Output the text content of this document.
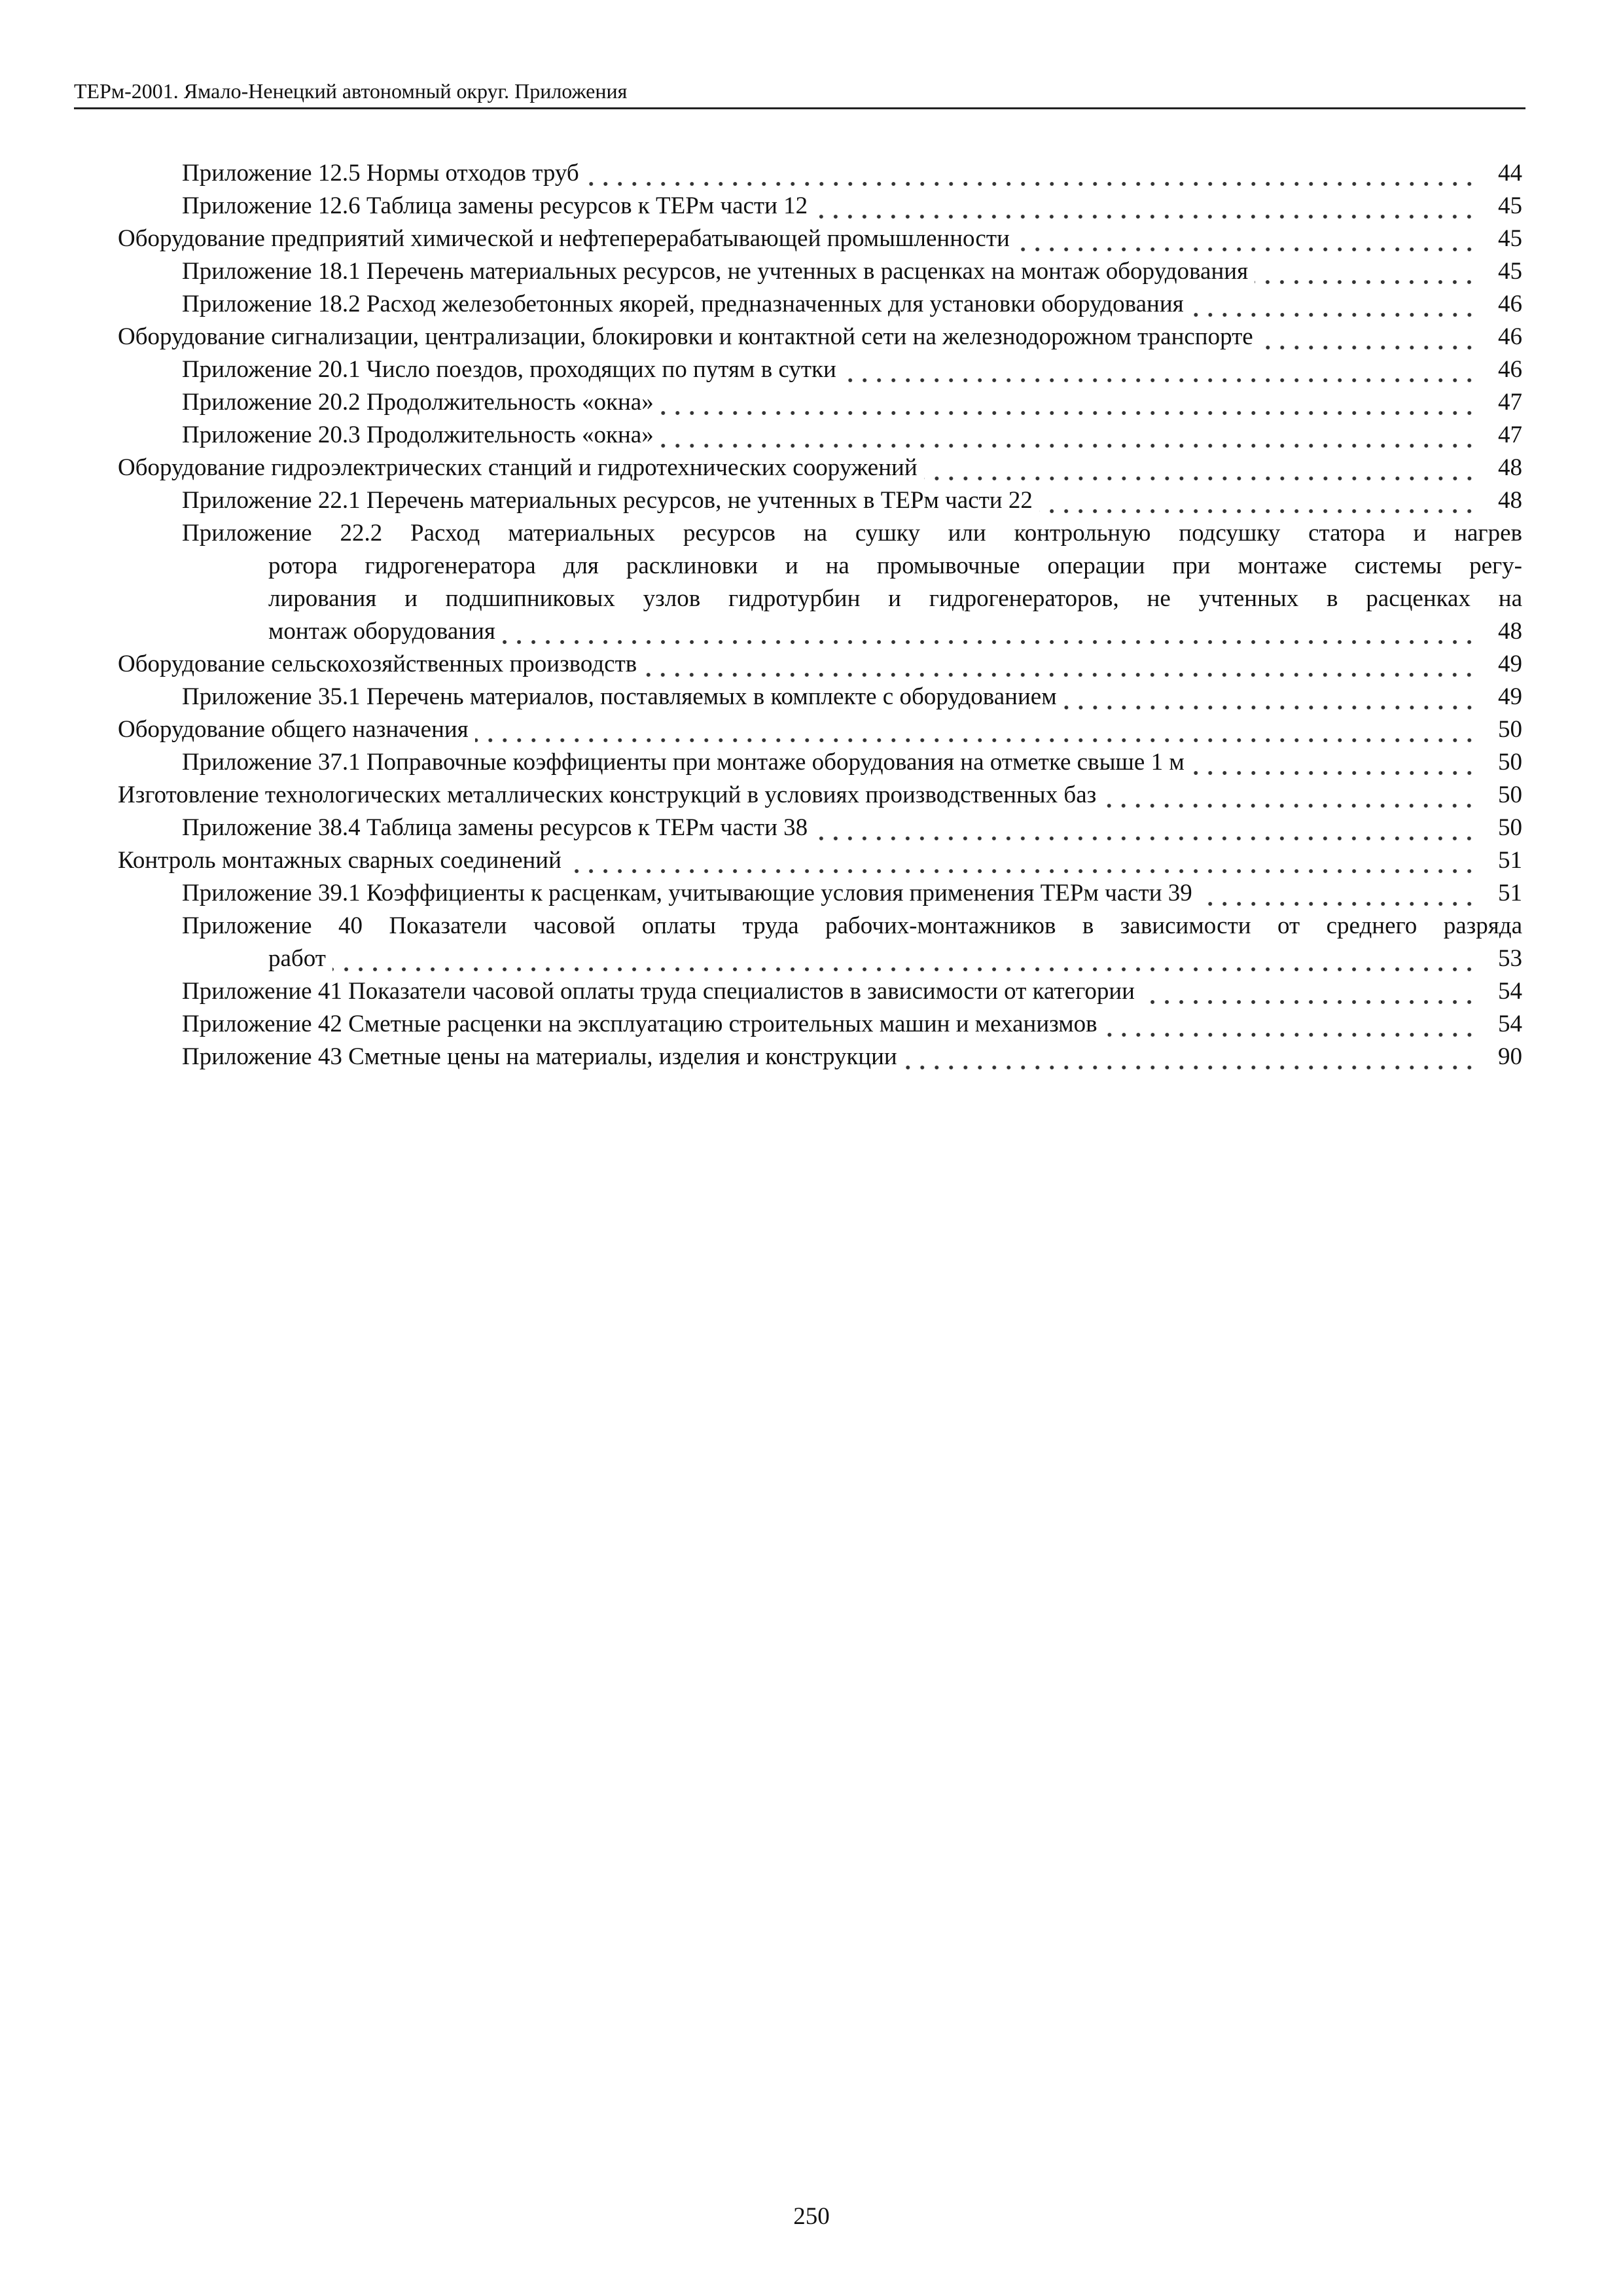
ТЕРм-2001. Ямало-Ненецкий автономный округ. Приложения
Приложение 12.5 Нормы отходов труб	44
Приложение 12.6 Таблица замены ресурсов к ТЕРм части 12	45
Оборудование предприятий химической и нефтеперерабатывающей промышленности	45
Приложение 18.1 Перечень материальных ресурсов, не учтенных в расценках на монтаж оборудования	45
Приложение 18.2 Расход железобетонных якорей, предназначенных для установки оборудования	46
Оборудование сигнализации, централизации, блокировки и контактной сети на железнодорожном транспорте	46
Приложение 20.1 Число поездов, проходящих по путям в сутки	46
Приложение 20.2 Продолжительность «окна»	47
Приложение 20.3 Продолжительность «окна»	47
Оборудование гидроэлектрических станций и гидротехнических сооружений	48
Приложение 22.1 Перечень материальных ресурсов, не учтенных в ТЕРм части 22	48
Приложение 22.2 Расход материальных ресурсов на сушку или контрольную подсушку статора и нагрев
ротора гидрогенератора для расклиновки и на промывочные операции при монтаже системы регу-
лирования и подшипниковых узлов гидротурбин и гидрогенераторов, не учтенных в расценках на
монтаж оборудования	48
Оборудование сельскохозяйственных производств	49
Приложение 35.1 Перечень материалов, поставляемых в комплекте с оборудованием	49
Оборудование общего назначения	50
Приложение 37.1 Поправочные коэффициенты при монтаже оборудования на отметке свыше 1 м	50
Изготовление технологических металлических конструкций в условиях производственных баз	50
Приложение 38.4 Таблица замены ресурсов к ТЕРм части 38	50
Контроль монтажных сварных соединений	51
Приложение 39.1 Коэффициенты к расценкам, учитывающие условия применения ТЕРм части 39	51
Приложение 40 Показатели часовой оплаты труда рабочих-монтажников в зависимости от среднего разряда
работ	53
Приложение 41 Показатели часовой оплаты труда специалистов в зависимости от категории	54
Приложение 42 Сметные расценки на эксплуатацию строительных машин и механизмов	54
Приложение 43 Сметные цены на материалы, изделия и конструкции	90
250
